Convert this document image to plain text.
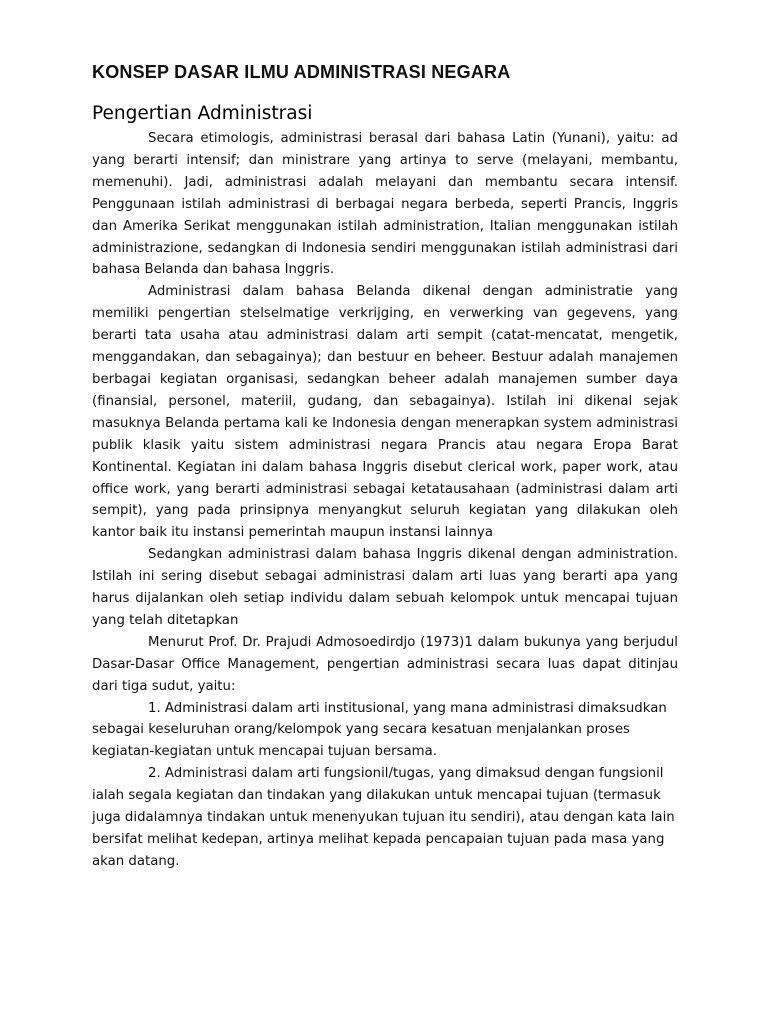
KONSEP DASAR ILMU ADMINISTRASI NEGARA
Pengertian Administrasi

Secara etimologis, administrasi berasal dari bahasa Latin (Yunani), yaitu: ad yang berarti intensif; dan ministrare yang artinya to serve (melayani, membantu, memenuhi). Jadi, administrasi adalah melayani dan membantu secara intensif. Penggunaan istilah administrasi di berbagai negara berbeda, seperti Prancis, Inggris dan Amerika Serikat menggunakan istilah administration, Italian menggunakan istilah administrazione, sedangkan di Indonesia sendiri menggunakan istilah administrasi dari bahasa Belanda dan bahasa Inggris.

Administrasi dalam bahasa Belanda dikenal dengan administratie yang memiliki pengertian stelselmatige verkrijging, en verwerking van gegevens, yang berarti tata usaha atau administrasi dalam arti sempit (catat-mencatat, mengetik, menggandakan, dan sebagainya); dan bestuur en beheer. Bestuur adalah manajemen berbagai kegiatan organisasi, sedangkan beheer adalah manajemen sumber daya (finansial, personel, materiil, gudang, dan sebagainya). Istilah ini dikenal sejak masuknya Belanda pertama kali ke Indonesia dengan menerapkan system administrasi publik klasik yaitu sistem administrasi negara Prancis atau negara Eropa Barat Kontinental. Kegiatan ini dalam bahasa Inggris disebut clerical work, paper work, atau office work, yang berarti administrasi sebagai ketatausahaan (administrasi dalam arti sempit), yang pada prinsipnya menyangkut seluruh kegiatan yang dilakukan oleh kantor baik itu instansi pemerintah maupun instansi lainnya

Sedangkan administrasi dalam bahasa Inggris dikenal dengan administration. Istilah ini sering disebut sebagai administrasi dalam arti luas yang berarti apa yang harus dijalankan oleh setiap individu dalam sebuah kelompok untuk mencapai tujuan yang telah ditetapkan

Menurut Prof. Dr. Prajudi Admosoedirdjo (1973)1 dalam bukunya yang berjudul Dasar-Dasar Office Management, pengertian administrasi secara luas dapat ditinjau dari tiga sudut, yaitu:

1. Administrasi dalam arti institusional, yang mana administrasi dimaksudkan sebagai keseluruhan orang/kelompok yang secara kesatuan menjalankan proses kegiatan-kegiatan untuk mencapai tujuan bersama.

2. Administrasi dalam arti fungsionil/tugas, yang dimaksud dengan fungsionil ialah segala kegiatan dan tindakan yang dilakukan untuk mencapai tujuan (termasuk juga didalamnya tindakan untuk menenyukan tujuan itu sendiri), atau dengan kata lain bersifat melihat kedepan, artinya melihat kepada pencapaian tujuan pada masa yang akan datang.
